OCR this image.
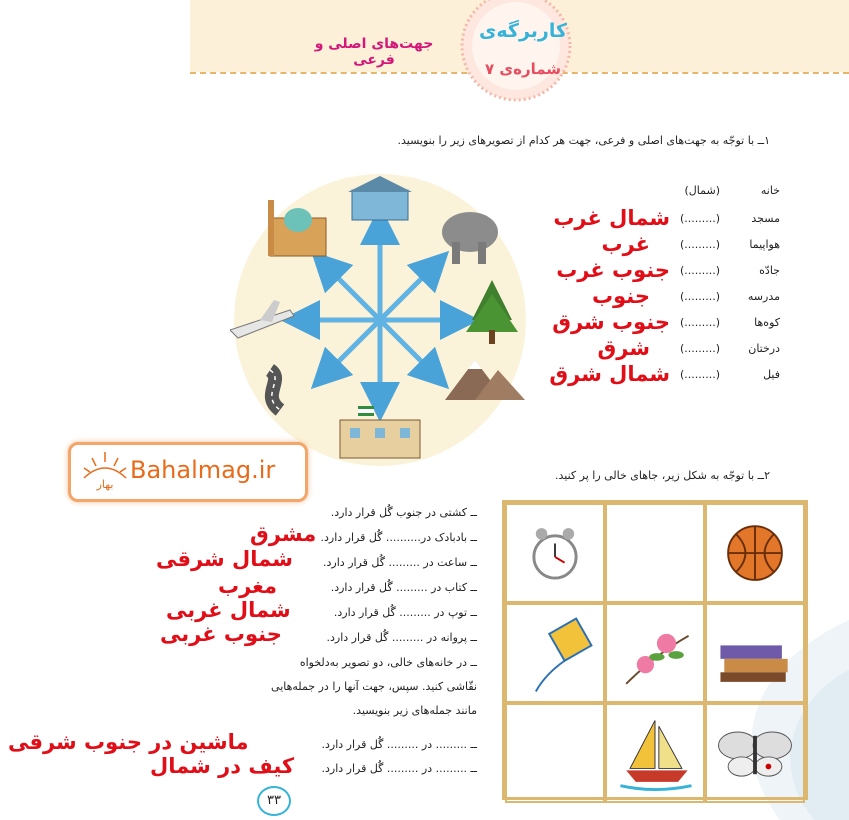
کاربرگه‌ی
شماره‌ی ۷
جهت‌های اصلی و فرعی
۱ــ با توجّه به جهت‌های اصلی و فرعی، جهت هر کدام از تصویرهای زیر را بنویسید.
خانه
(شمال)
مسجد
(.........)
شمال غرب
هواپیما
(.........)
غرب
جادّه
(.........)
جنوب غرب
مدرسه
(.........)
جنوب
کوه‌ها
(.........)
جنوب شرق
درختان
(.........)
شرق
فیل
(.........)
شمال شرق
بهار
Bahalmag.ir	۲ــ با توجّه به شکل زیر، جاهای خالی را پر کنید.
ــ کشتی در جنوب گُل قرار دارد.
ــ بادبادک در.......... گُل قرار دارد.
مشرق
ــ ساعت در ......... گُل قرار دارد.
شمال شرقی
ــ کتاب در ......... گُل قرار دارد.
مغرب
ــ توپ در ......... گُل قرار دارد.
شمال غربی
ــ پروانه در ......... گُل قرار دارد.
جنوب غربی
ــ در خانه‌های خالی، دو تصویر به‌دلخواه
نقّاشی کنید. سپس، جهت آنها را در جمله‌هایی
مانند جمله‌های زیر بنویسید.
ــ ......... در ......... گُل قرار دارد.
ماشین در جنوب شرقی
ــ ......... در ......... گُل قرار دارد.
کیف در شمال
۳۳
